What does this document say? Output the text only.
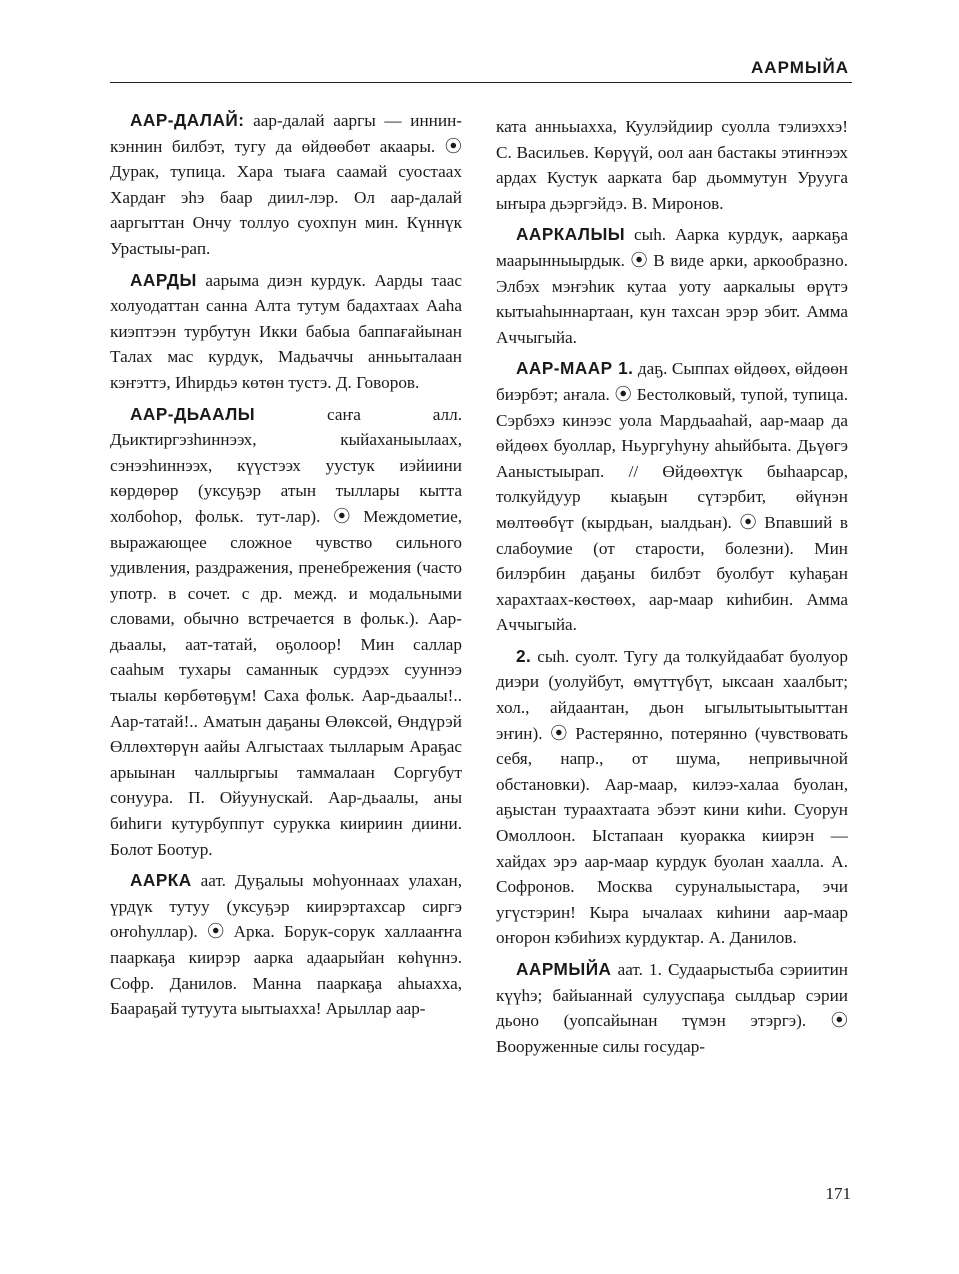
ААРМЫЙА

ААР-ДАЛАЙ: аар-далай ааргы — иннин-кэннин билбэт, тугу да өйдөөбөт акаары. ⦿ Дурак, тупица. Хара тыаға саамай суостаах Хардаҥ эһэ баар диил-лэр. Ол аар-далай ааргыттан Ончу толлуо суохпун мин. Күннүк Урастыы-рап.

ААРДЫ аарыма диэн курдук. Аарды таас холуодаттан санна Алта тутум бадахтаах Ааһа киэптээн турбутун Икки бабыа баппағайынан Талах мас курдук, Мадьаччы анньыталаан кэҥэттэ, Иһирдьэ көтөн тустэ. Д. Говоров.

ААР-ДЬААЛЫ саҥа алл. Дьиктиргэзһиннээх, кыйаханыылаах, сэнээһиннээх, күүстээх уустук иэйиини көрдөрөр (уксуҕэр атын тыллары кытта холбоһор, фольк. тут-лар). ⦿ Междометие, выражающее сложное чувство сильного удивления, раздражения, пренебрежения (часто употр. в сочет. с др. межд. и модальными словами, обычно встречается в фольк.). Аар-дьаалы, аат-татай, оҕолоор! Мин саллар сааһым тухары саманнык сурдээх сууннээ тыалы көрбөтөҕүм! Саха фольк. Аар-дьаалы!.. Аар-татай!.. Аматын даҕаны Өлөксөй, Өндүрэй Өллөхтөрүн аайы Алгыстаах тылларым Араҕас арыынан чаллыргыы таммалаан Соргубут сонуура. П. Ойуунускай. Аар-дьаалы, аны биһиги кутурбуппут суруккa киириин диини. Болот Боотур.

ААРКА аат. Дуҕалыы моһуоннаах улахан, үрдүк тутуу (уксуҕэр киирэртахсар сиргэ оҥоһуллар). ⦿ Арка. Борук-сорук халлааҥҥа пааркаҕа киирэр аарка адаарыйан көһүннэ. Софр. Данилов. Манна пааркаҕа аһыахха, Баараҕай тутуута ыытыахха! Арыллар аар-

ката анньыахха, Куулэйдиир суолла тэлиэххэ! С. Васильев. Көрүүй, оол аан бастакы этиҥнээх ардах Кустук аарката бар дьоммутун Урууга ыҥыра дьэргэйдэ. В. Миронов.

ААРКАЛЫЫ сыһ. Аарка курдук, ааркаҕа маарынныырдык. ⦿ В виде арки, аркообразно. Элбэх мэҥэһик кутаа уоту ааркалыы өрүтэ кытыаһыннартаан, кун тахсан эрэр эбит. Амма Аччыгыйа.

ААР-МААР 1. даҕ. Сыппах өйдөөх, өйдөөн биэрбэт; аҥала. ⦿ Бестолковый, тупой, тупица. Сэрбэхэ кинээс уола Мардьааһай, аар-маар да өйдөөх буоллар, Ньургуһуну аһыйбыта. Дьүөгэ Ааныстыырап. // Өйдөөхтүк быһаарсар, толкуйдуур кыаҕын сүтэрбит, өйүнэн мөлтөөбүт (кырдьан, ыалдьан). ⦿ Впавший в слабоумие (от старости, болезни). Мин билэрбин даҕаны билбэт буолбут куһаҕан харахтаах-көстөөх, аар-маар киһибин. Амма Аччыгыйа.

2. сыһ. суолт. Тугу да толкуйдаабат буолуор диэри (уолуйбут, өмүттүбүт, ыксаан хаалбыт; хол., айдаантан, дьон ыгылытыытыыттан эҥин). ⦿ Растерянно, потерянно (чувствовать себя, напр., от шума, непривычной обстановки). Аар-маар, килээ-халаа буолан, аҕыстан тураахтаата эбээт кини киһи. Суорун Омоллоон. Ыстапаан куоракка киирэн — хайдах эрэ аар-маар курдук буолан хаалла. А. Софронов. Москва суруналыыстара, эчи угүстэрин! Кыра ычалаах киһини аар-маар оҥорон кэбиһиэх курдуктар. А. Данилов.

ААРМЫЙА аат. 1. Судаарыстыба сэриитин күүһэ; байыаннай сулууспаҕа сылдьар сэрии дьоно (уопсайынан түмэн этэргэ). ⦿ Вооруженные силы государ-

171
